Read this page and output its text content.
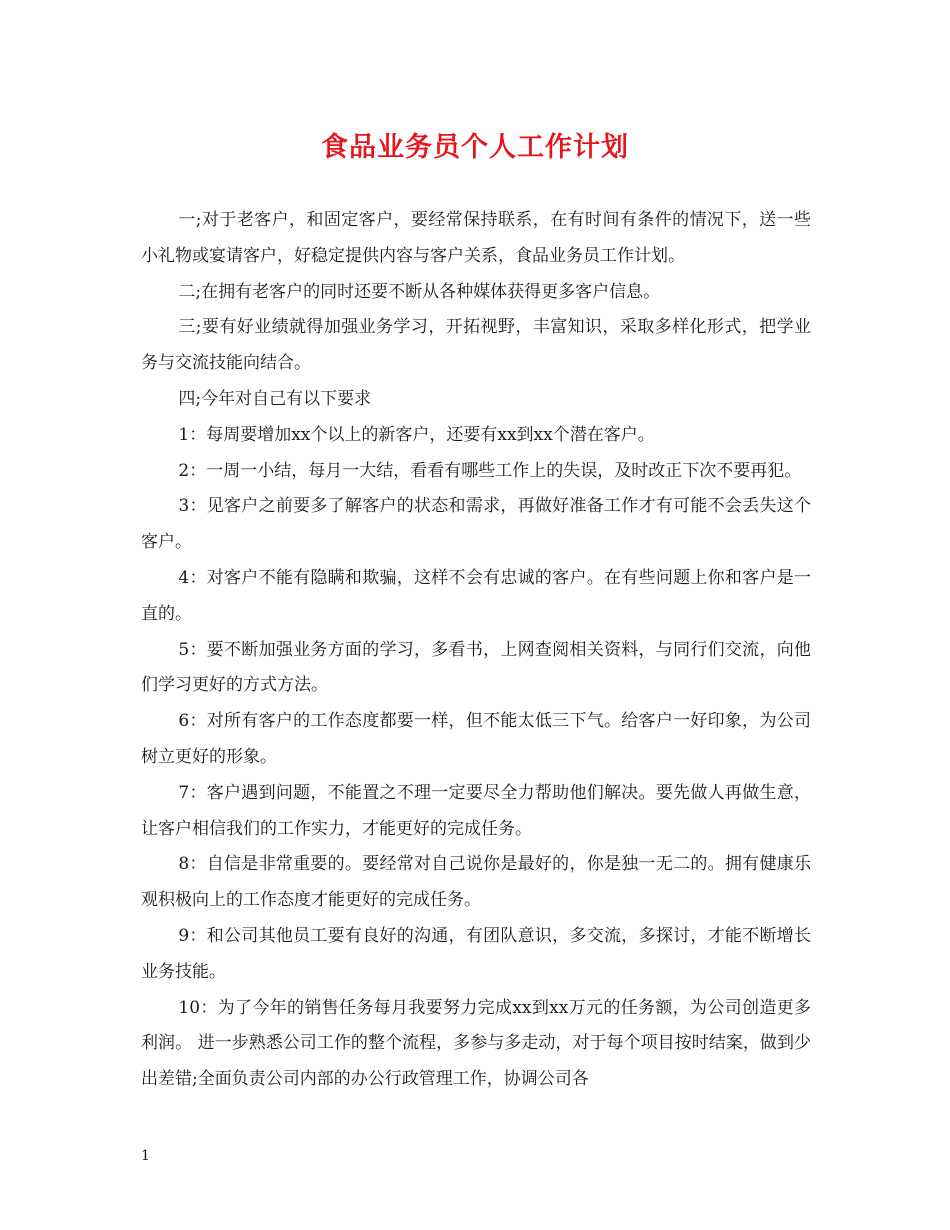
食品业务员个人工作计划

一;对于老客户，和固定客户，要经常保持联系，在有时间有条件的情况下，送一些小礼物或宴请客户，好稳定提供内容与客户关系，食品业务员工作计划。

二;在拥有老客户的同时还要不断从各种媒体获得更多客户信息。

三;要有好业绩就得加强业务学习，开拓视野，丰富知识，采取多样化形式，把学业务与交流技能向结合。

四;今年对自己有以下要求

1：每周要增加xx个以上的新客户，还要有xx到xx个潜在客户。

2：一周一小结，每月一大结，看看有哪些工作上的失误，及时改正下次不要再犯。

3：见客户之前要多了解客户的状态和需求，再做好准备工作才有可能不会丢失这个客户。

4：对客户不能有隐瞒和欺骗，这样不会有忠诚的客户。在有些问题上你和客户是一直的。

5：要不断加强业务方面的学习，多看书，上网查阅相关资料，与同行们交流，向他们学习更好的方式方法。

6：对所有客户的工作态度都要一样，但不能太低三下气。给客户一好印象，为公司树立更好的形象。

7：客户遇到问题，不能置之不理一定要尽全力帮助他们解决。要先做人再做生意，让客户相信我们的工作实力，才能更好的完成任务。

8：自信是非常重要的。要经常对自己说你是最好的，你是独一无二的。拥有健康乐观积极向上的工作态度才能更好的完成任务。

9：和公司其他员工要有良好的沟通，有团队意识，多交流，多探讨，才能不断增长业务技能。

10：为了今年的销售任务每月我要努力完成xx到xx万元的任务额，为公司创造更多利润。 进一步熟悉公司工作的整个流程，多参与多走动，对于每个项目按时结案，做到少出差错;全面负责公司内部的办公行政管理工作，协调公司各

1
